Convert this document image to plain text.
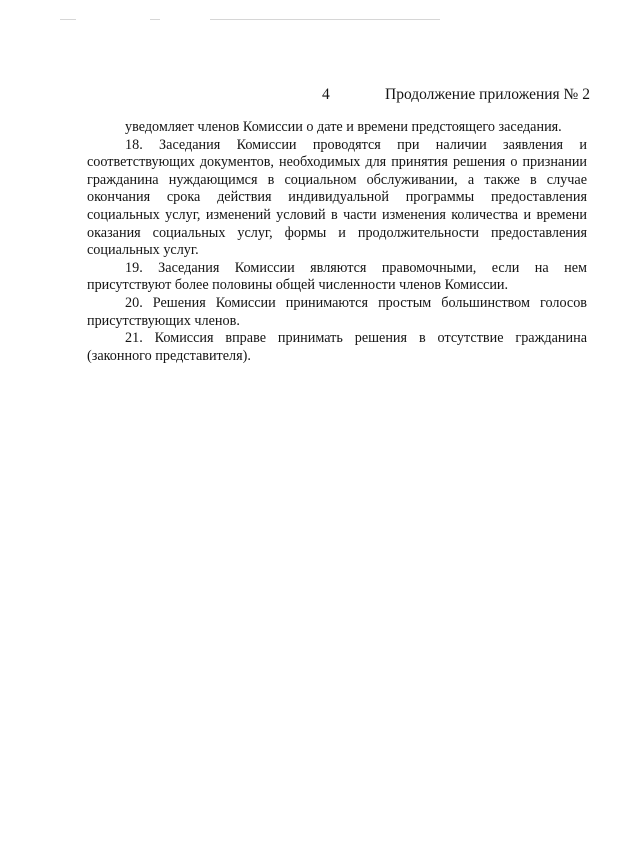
4	Продолжение приложения № 2

уведомляет членов Комиссии о дате и времени предстоящего заседания.

18. Заседания Комиссии проводятся при наличии заявления и соответствующих документов, необходимых для принятия решения о признании гражданина нуждающимся в социальном обслуживании, а также в случае окончания срока действия индивидуальной программы предоставления социальных услуг, изменений условий в части изменения количества и времени оказания социальных услуг, формы и продолжительности предоставления социальных услуг.

19. Заседания Комиссии являются правомочными, если на нем присутствуют более половины общей численности членов Комиссии.

20. Решения Комиссии принимаются простым большинством голосов присутствующих членов.

21. Комиссия вправе принимать решения в отсутствие гражданина (законного представителя).
